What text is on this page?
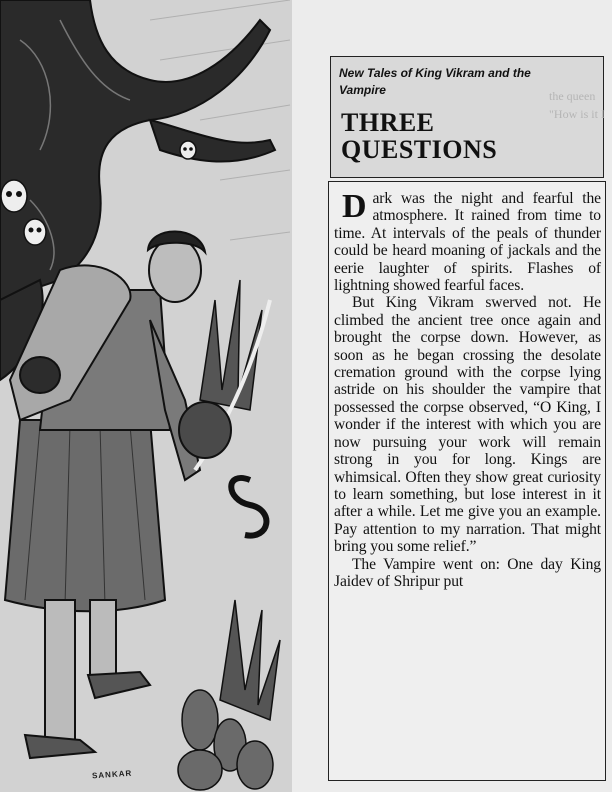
SANKAR
the queen "How is it I
New Tales of King Vikram and the Vampire
THREE QUESTIONS

Dark was the night and fearful the atmosphere. It rained from time to time. At intervals of the peals of thunder could be heard moaning of jackals and the eerie laughter of spirits. Flashes of lightning showed fearful faces.

But King Vikram swerved not. He climbed the ancient tree once again and brought the corpse down. However, as soon as he began crossing the desolate cremation ground with the corpse lying astride on his shoulder the vampire that possessed the corpse observed, “O King, I wonder if the interest with which you are now pursuing your work will remain strong in you for long. Kings are whimsical. Often they show great curiosity to learn something, but lose interest in it after a while. Let me give you an example. Pay attention to my narration. That might bring you some relief.”

The Vampire went on: One day King Jaidev of Shripur put
